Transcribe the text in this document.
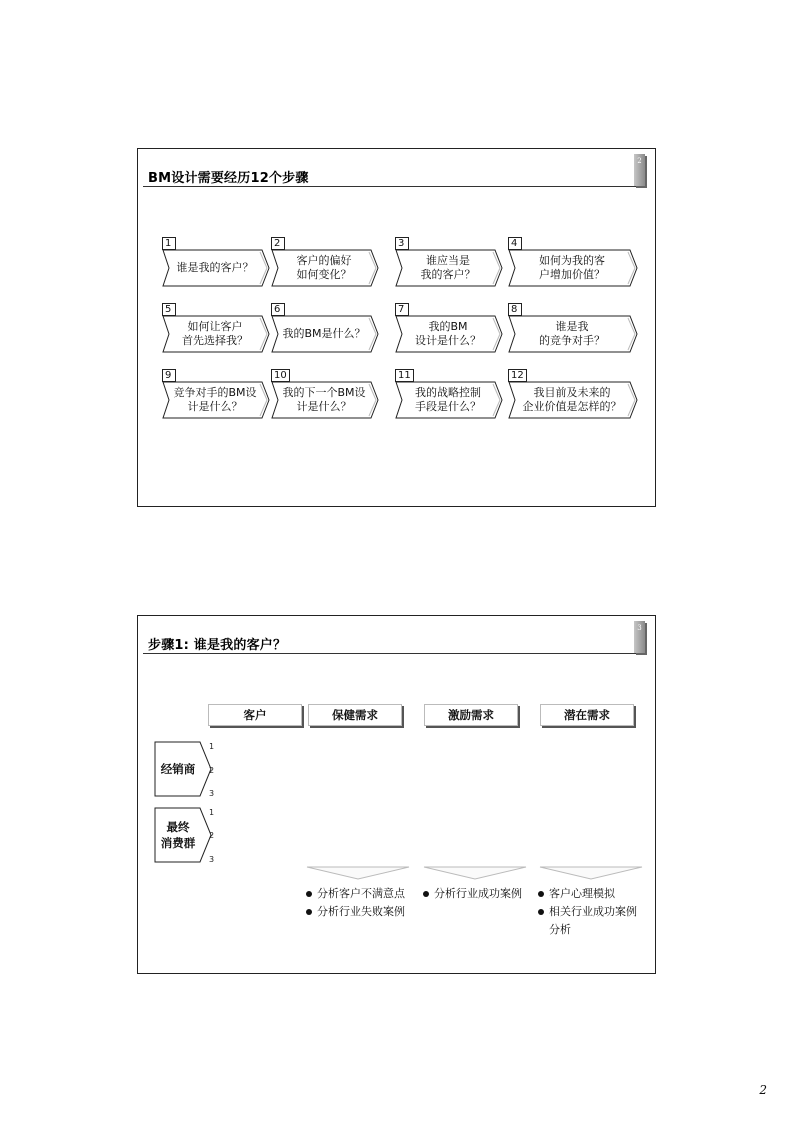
BM设计需要经历12个步骤
2
1
谁是我的客户？
2
客户的偏好
如何变化？
3
谁应当是
我的客户？
4
如何为我的客
户增加价值？
5
如何让客户
首先选择我？
6
我的BM是什么？
7
我的BM
设计是什么？
8
谁是我
的竞争对手？
9
竞争对手的BM设
计是什么？
10
我的下一个BM设
计是什么？
11
我的战略控制
手段是什么？
12
我目前及未来的
企业价值是怎样的？
步骤1: 谁是我的客户？
3
客户	保健需求	激励需求	潜在需求
经销商
1
2
3
最终
消费群
1
2
3
分析客户不满意点
分析行业失败案例
分析行业成功案例	客户心理模拟
相关行业成功案例
分析
2
